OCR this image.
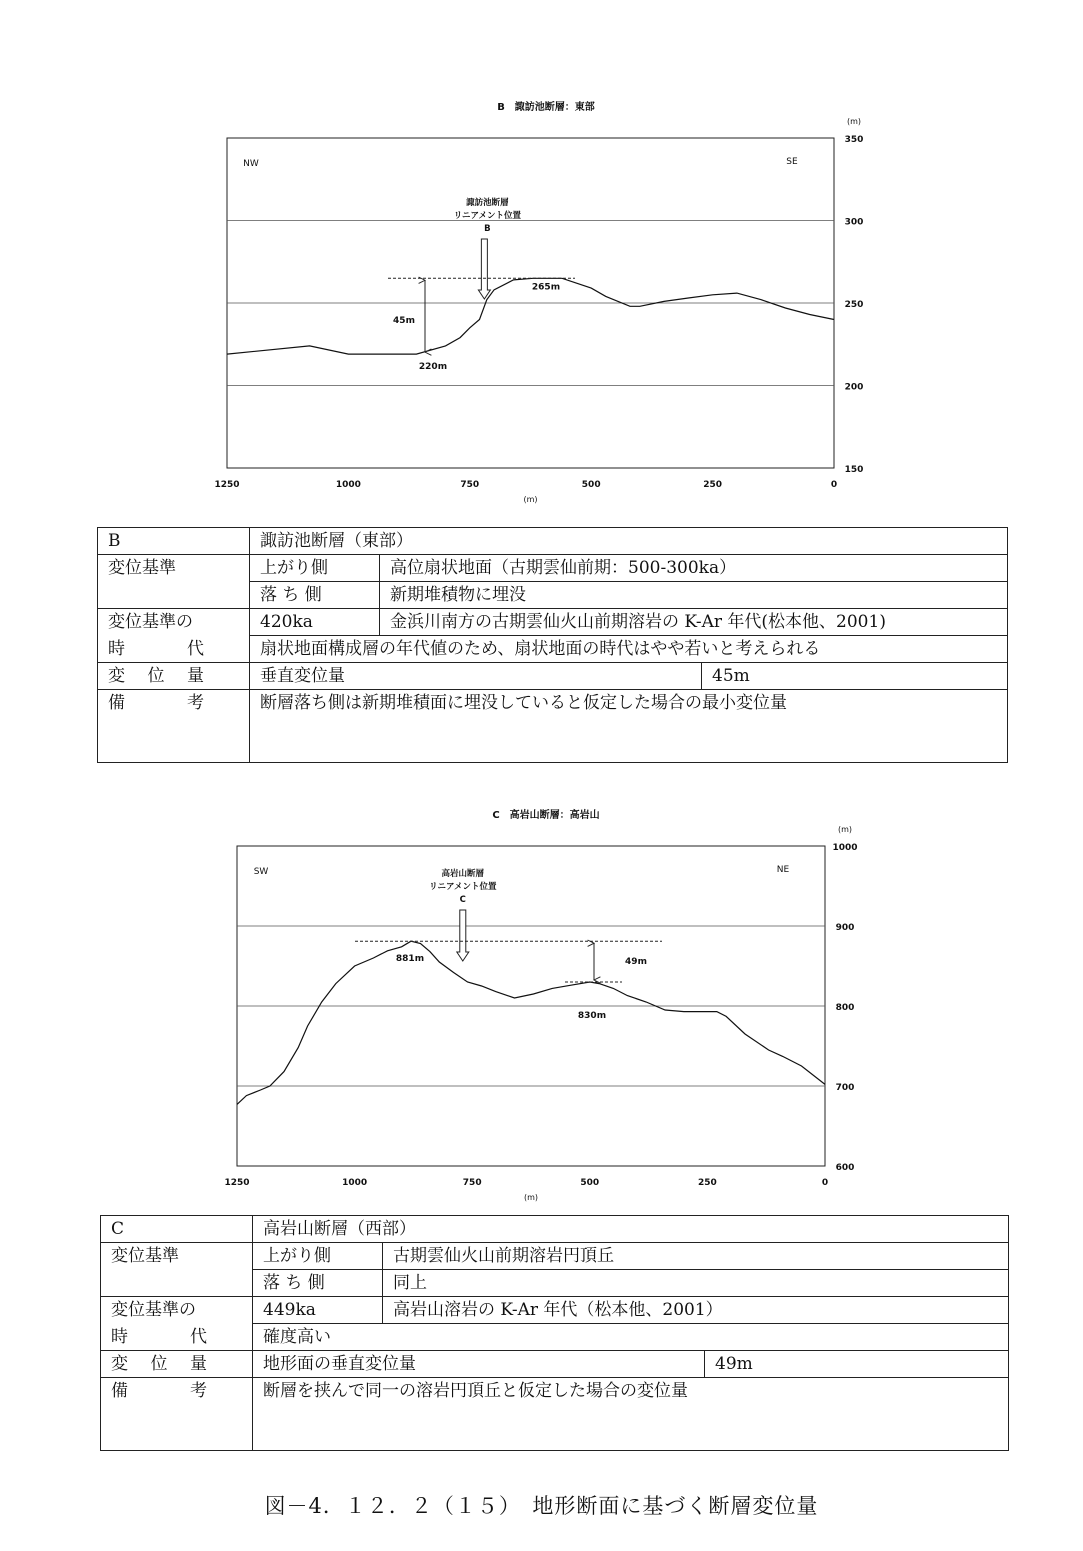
B　諏訪池断層：東部
(m)
(m)
350
300
250
200
150
1250	1000	750	500	250	0
NW	SE
諏訪池断層
リニアメント位置
B
45m
265m
220m
B	諏訪池断層（東部）		
変位基準	上がり側	高位扇状地面（古期雲仙前期：500-300ka）	
	落 ち 側	新期堆積物に埋没	
変位基準の	420ka	金浜川南方の古期雲仙火山前期溶岩の K-Ar 年代(松本他、2001)	

時　　代	扇状地面構成層の年代値のため、扇状地面の時代はやや若いと考えられる		

変　位　量	垂直変位量		45m

備　　　考	断層落ち側は新期堆積面に埋没していると仮定した場合の最小変位量		
C　高岩山断層：高岩山
(m)
(m)
1000
900
800
700
600
1250	1000	750	500	250	0
SW	NE
高岩山断層
リニアメント位置
C
49m
881m
830m
C	高岩山断層（西部）		
変位基準	上がり側	古期雲仙火山前期溶岩円頂丘	
	落 ち 側	同上	
変位基準の	449ka	高岩山溶岩の K-Ar 年代（松本他、2001）	

時　　代	確度高い		

変　位　量	地形面の垂直変位量		49m

備　　　考	断層を挟んで同一の溶岩円頂丘と仮定した場合の変位量		
図－4．１２．２（１５）　地形断面に基づく断層変位量
